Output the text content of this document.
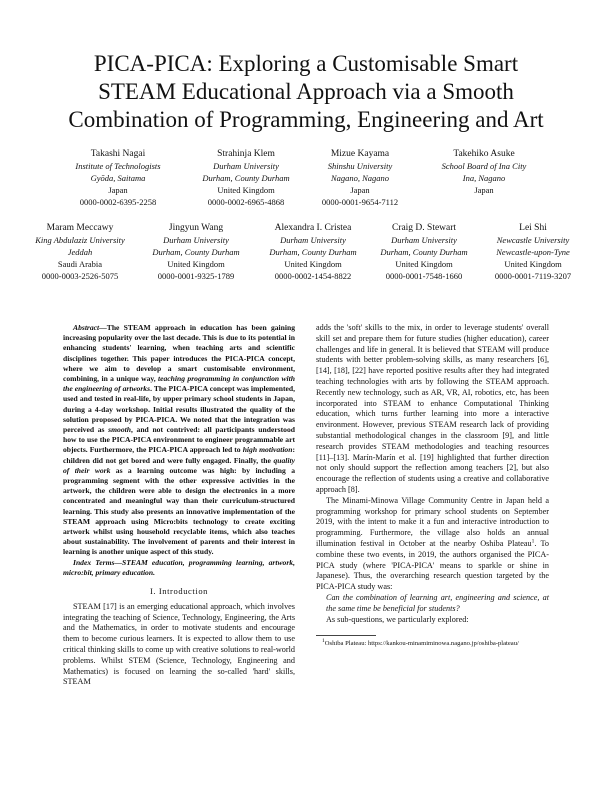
PICA-PICA: Exploring a Customisable Smart
STEAM Educational Approach via a Smooth
Combination of Programming, Engineering and Art
Takashi Nagai
Institute of Technologists
Gyōda, Saitama
Japan
0000-0002-6395-2258
Strahinja Klem
Durham University
Durham, County Durham
United Kingdom
0000-0002-6965-4868
Mizue Kayama
Shinshu University
Nagano, Nagano
Japan
0000-0001-9654-7112
Takehiko Asuke
School Board of Ina City
Ina, Nagano
Japan
Maram Meccawy
King Abdulaziz University
Jeddah
Saudi Arabia
0000-0003-2526-5075
Jingyun Wang
Durham University
Durham, County Durham
United Kingdom
0000-0001-9325-1789
Alexandra I. Cristea
Durham University
Durham, County Durham
United Kingdom
0000-0002-1454-8822
Craig D. Stewart
Durham University
Durham, County Durham
United Kingdom
0000-0001-7548-1660
Lei Shi
Newcastle University
Newcastle-upon-Tyne
United Kingdom
0000-0001-7119-3207

Abstract—The STEAM approach in education has been gaining increasing popularity over the last decade. This is due to its potential in enhancing students' learning, when teaching arts and scientific disciplines together. This paper introduces the PICA-PICA concept, where we aim to develop a smart customisable environment, combining, in a unique way, teaching programming in conjunction with the engineering of artworks. The PICA-PICA concept was implemented, used and tested in real-life, by upper primary school students in Japan, during a 4-day workshop. Initial results illustrated the quality of the solution proposed by PICA-PICA. We noted that the integration was perceived as smooth, and not contrived: all participants understood how to use the PICA-PICA environment to engineer programmable art objects. Furthermore, the PICA-PICA approach led to high motivation: children did not get bored and were fully engaged. Finally, the quality of their work as a learning outcome was high: by including a programming segment with the other expressive activities in the artwork, the children were able to design the electronics in a more concentrated and meaningful way than their curriculum-structured learning. This study also presents an innovative implementation of the STEAM approach using Micro:bits technology to create exciting artwork whilst using household recyclable items, which also teaches about sustainability. The involvement of parents and their interest in learning is another unique aspect of this study.

Index Terms—STEAM education, programming learning, artwork, micro:bit, primary education.

I. Introduction

STEAM [17] is an emerging educational approach, which involves integrating the teaching of Science, Technology, Engineering, the Arts and the Mathematics, in order to motivate students and encourage them to become curious learners. It is expected to allow them to use critical thinking skills to come up with creative solutions to real-world problems. Whilst STEM (Science, Technology, Engineering and Mathematics) is focused on learning the so-called 'hard' skills, STEAM

adds the 'soft' skills to the mix, in order to leverage students' overall skill set and prepare them for future studies (higher education), career challenges and life in general. It is believed that STEAM will produce students with better problem-solving skills, as many researchers [6], [14], [18], [22] have reported positive results after they had integrated teaching technologies with arts by following the STEAM approach. Recently new technology, such as AR, VR, AI, robotics, etc, has been incorporated into STEAM to enhance Computational Thinking education, which turns further learning into more a interactive environment. However, previous STEAM research lack of providing substantial methodological changes in the classroom [9], and little research provides STEAM methodologies and teaching resources [11]–[13]. Marín-Marín et al. [19] highlighted that further direction not only should support the reflection among teachers [2], but also encourage the reflection of students using a creative and collaborative approach [8].

The Minami-Minowa Village Community Centre in Japan held a programming workshop for primary school students on September 2019, with the intent to make it a fun and interactive introduction to programming. Furthermore, the village also holds an annual illumination festival in October at the nearby Oshiba Plateau$^1$. To combine these two events, in 2019, the authors organised the PICA-PICA study (where 'PICA-PICA' means to sparkle or shine in Japanese). Thus, the overarching research question targeted by the PICA-PICA study was:

Can the combination of learning art, engineering and science, at the same time be beneficial for students?

As sub-questions, we particularly explored:

$^1$Oshiba Plateau: https://kankou-minamiminowa.nagano.jp/oshiba-plateau/
